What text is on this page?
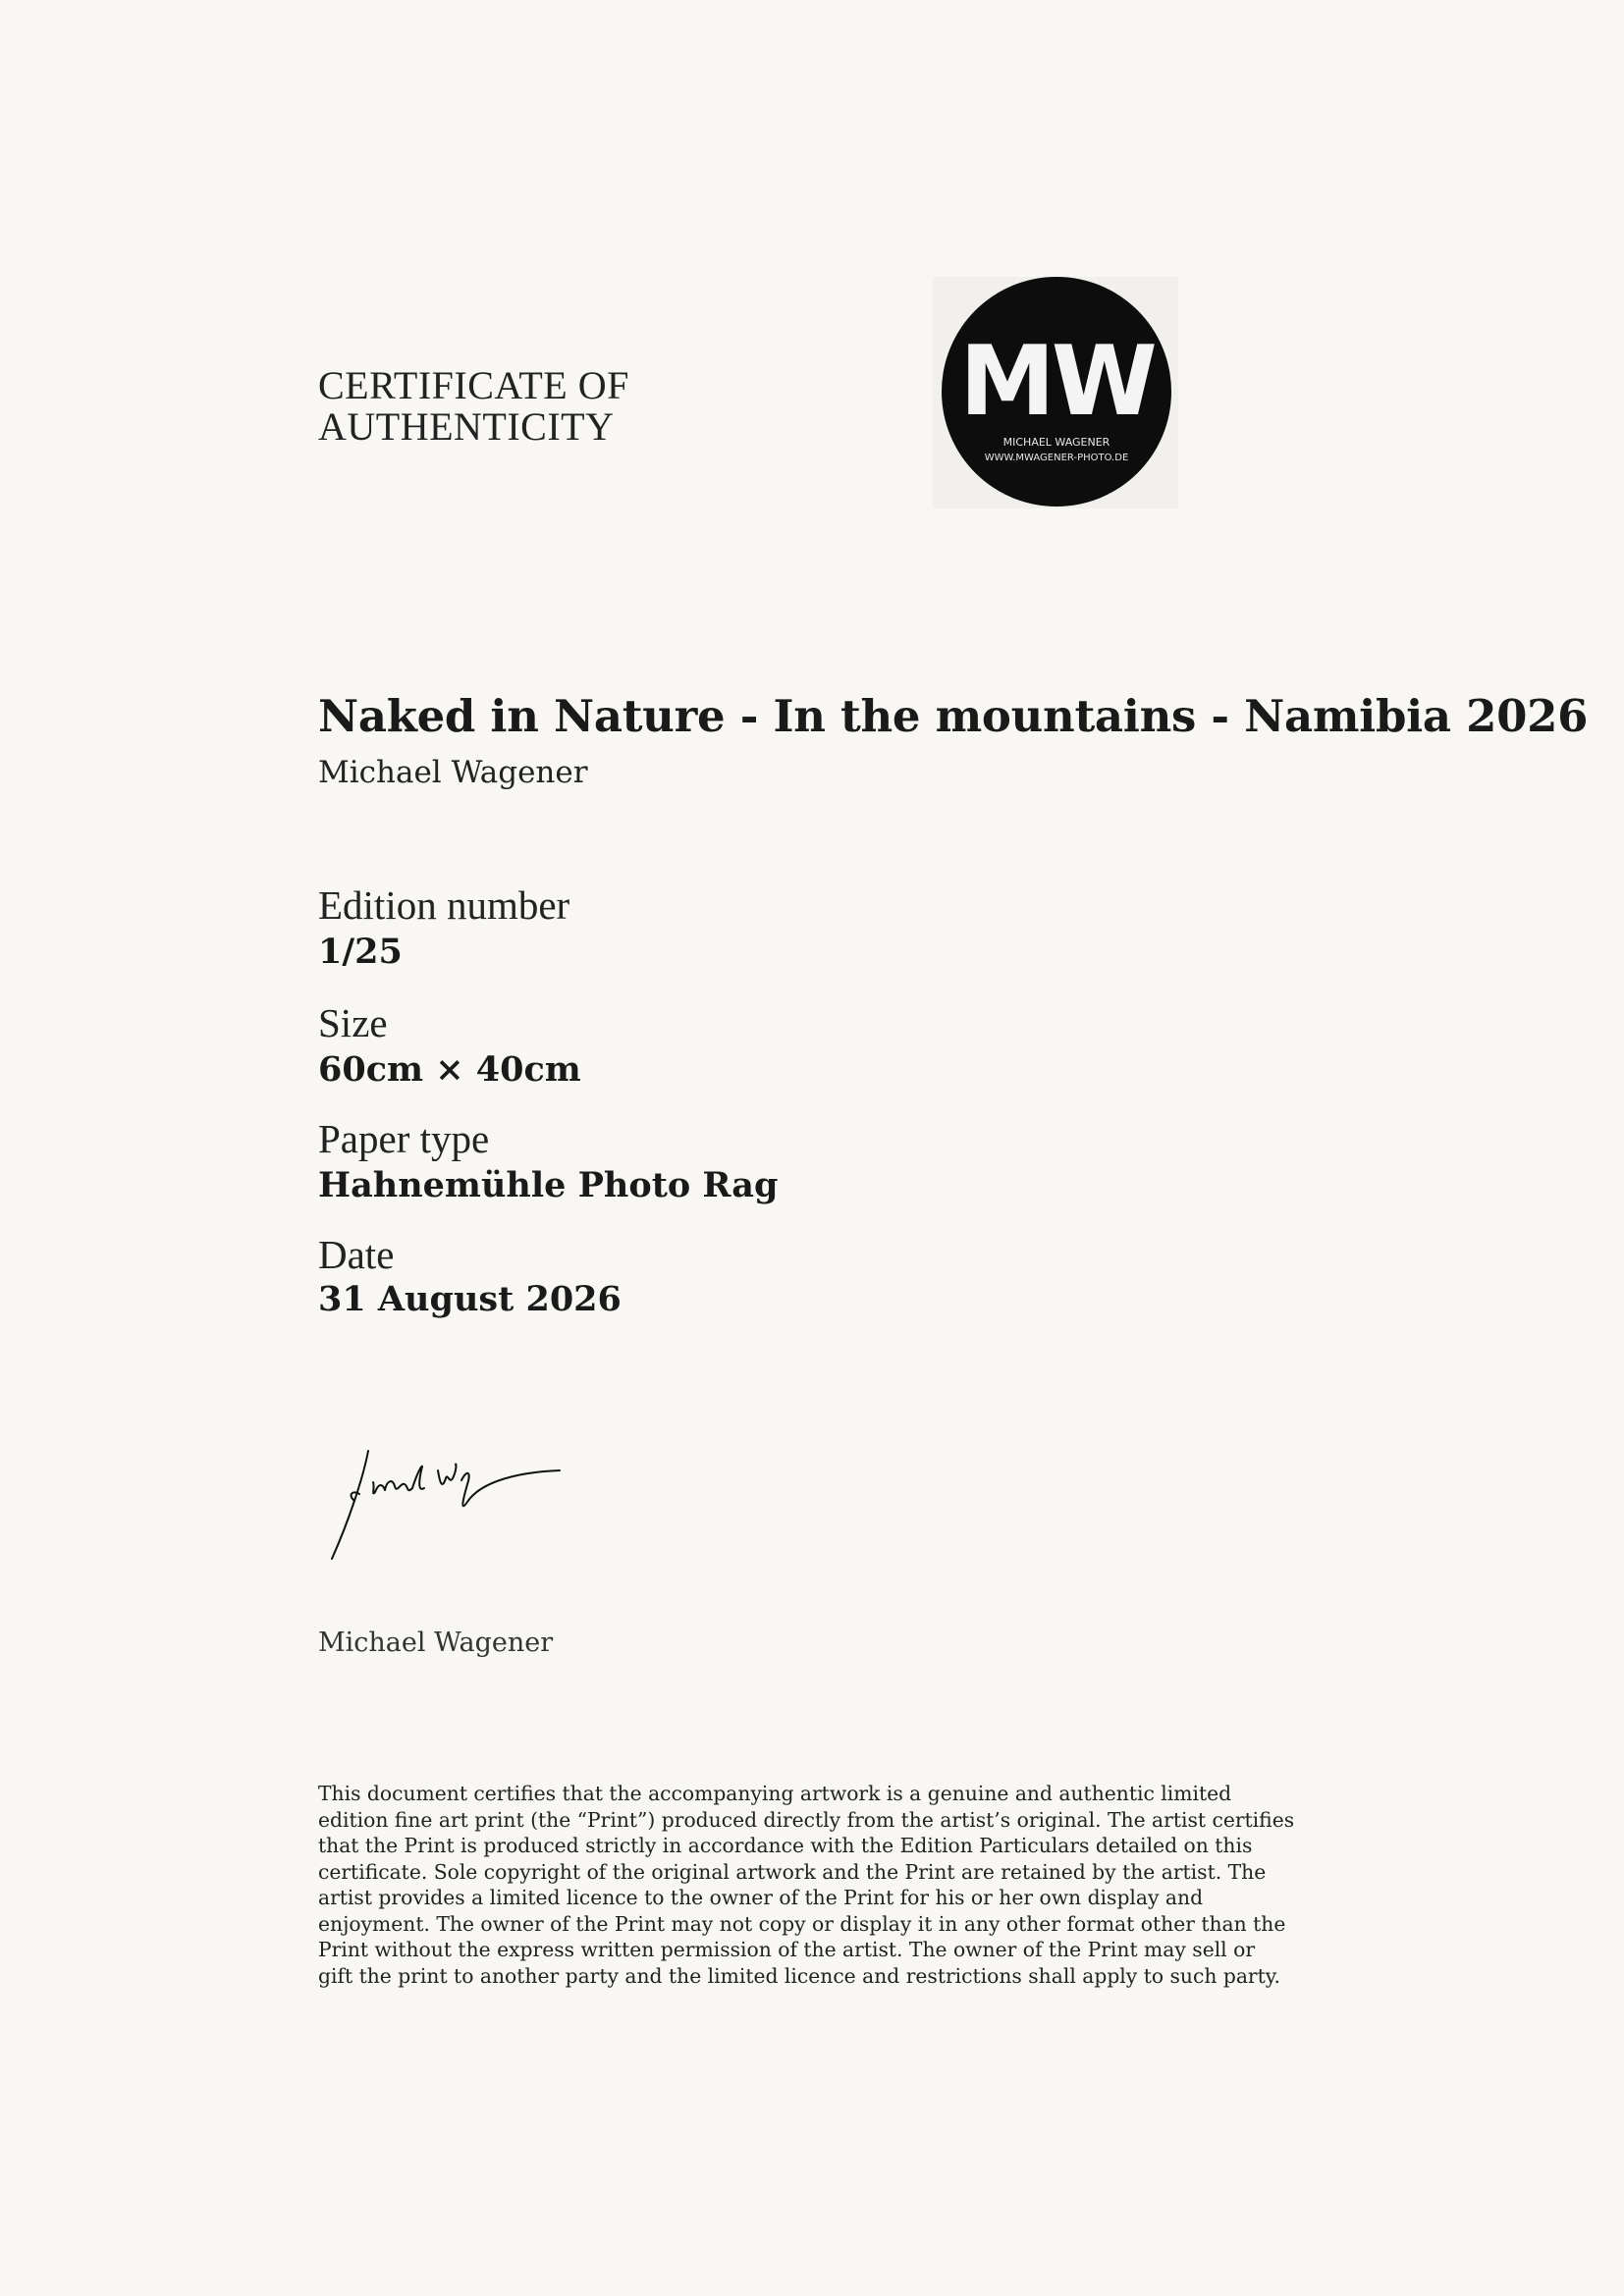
CERTIFICATE OF
AUTHENTICITY	MW
MICHAEL WAGENER
WWW.MWAGENER-PHOTO.DE
Naked in Nature - In the mountains - Namibia 2026
Michael Wagener
Edition number
1/25
Size
60cm × 40cm
Paper type
Hahnemühle Photo Rag
Date
31 August 2026
Michael Wagener
This document certifies that the accompanying artwork is a genuine and authentic limited
edition fine art print (the “Print”) produced directly from the artist’s original. The artist certifies
that the Print is produced strictly in accordance with the Edition Particulars detailed on this
certificate. Sole copyright of the original artwork and the Print are retained by the artist. The
artist provides a limited licence to the owner of the Print for his or her own display and
enjoyment. The owner of the Print may not copy or display it in any other format other than the
Print without the express written permission of the artist. The owner of the Print may sell or
gift the print to another party and the limited licence and restrictions shall apply to such party.
